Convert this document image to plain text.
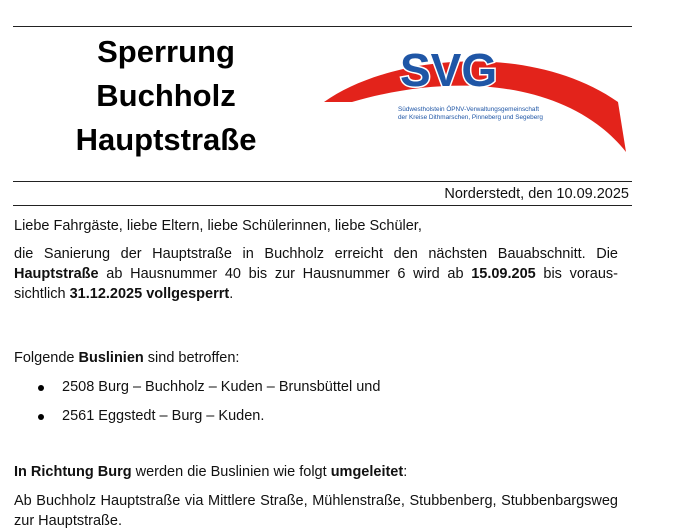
Sperrung
Buchholz
Hauptstraße
SVG
Südwestholstein ÖPNV-Verwaltungsgemeinschaft
der Kreise Dithmarschen, Pinneberg und Segeberg
Norderstedt, den 10.09.2025

Liebe Fahrgäste, liebe Eltern, liebe Schülerinnen, liebe Schüler,

die Sanierung der Hauptstraße in Buchholz erreicht den nächsten Bauabschnitt. Die Hauptstraße ab Hausnummer 40 bis zur Hausnummer 6 wird ab 15.09.205 bis voraussichtlich 31.12.2025 vollgesperrt.

Folgende Buslinien sind betroffen:

2508 Burg – Buchholz – Kuden – Brunsbüttel und
2561 Eggstedt – Burg – Kuden.

In Richtung Burg werden die Buslinien wie folgt umgeleitet:

Ab Buchholz Hauptstraße via Mittlere Straße, Mühlenstraße, Stubbenberg, Stubbenbargsweg zur Hauptstraße.
